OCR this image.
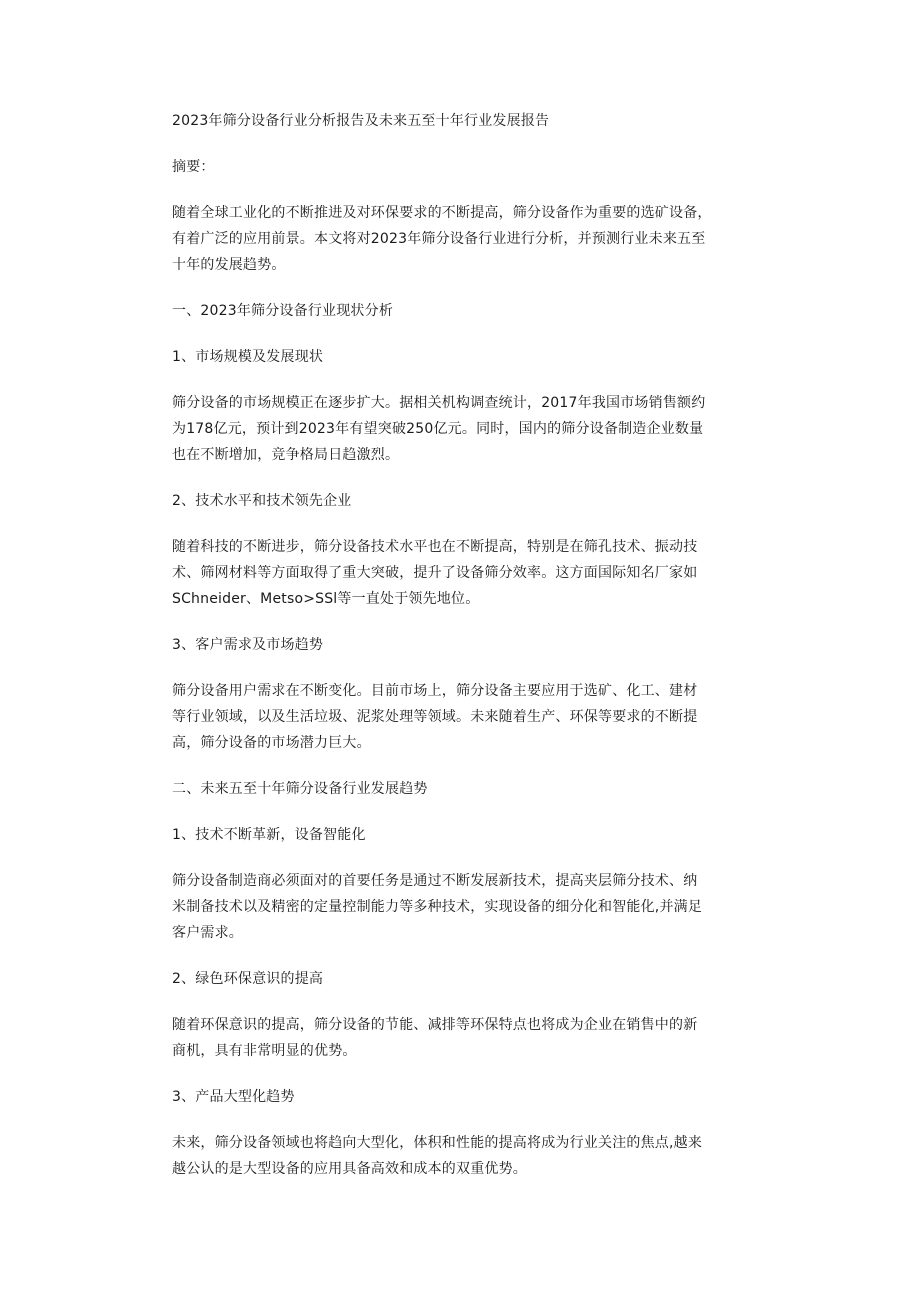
2023年筛分设备行业分析报告及未来五至十年行业发展报告
摘要：
随着全球工业化的不断推进及对环保要求的不断提高，筛分设备作为重要的选矿设备，
有着广泛的应用前景。本文将对2023年筛分设备行业进行分析，并预测行业未来五至
十年的发展趋势。
一、2023年筛分设备行业现状分析
1、市场规模及发展现状
筛分设备的市场规模正在逐步扩大。据相关机构调查统计，2017年我国市场销售额约
为178亿元，预计到2023年有望突破250亿元。同时，国内的筛分设备制造企业数量
也在不断增加，竞争格局日趋激烈。
2、技术水平和技术领先企业
随着科技的不断进步，筛分设备技术水平也在不断提高，特别是在筛孔技术、振动技
术、筛网材料等方面取得了重大突破，提升了设备筛分效率。这方面国际知名厂家如
SChneider、Metso>SSl等一直处于领先地位。
3、客户需求及市场趋势
筛分设备用户需求在不断变化。目前市场上，筛分设备主要应用于选矿、化工、建材
等行业领域，以及生活垃圾、泥浆处理等领域。未来随着生产、环保等要求的不断提
高，筛分设备的市场潜力巨大。
二、未来五至十年筛分设备行业发展趋势
1、技术不断革新，设备智能化
筛分设备制造商必须面对的首要任务是通过不断发展新技术，提高夹层筛分技术、纳
米制备技术以及精密的定量控制能力等多种技术，实现设备的细分化和智能化,并满足
客户需求。
2、绿色环保意识的提高
随着环保意识的提高，筛分设备的节能、减排等环保特点也将成为企业在销售中的新
商机，具有非常明显的优势。
3、产品大型化趋势
未来，筛分设备领域也将趋向大型化，体积和性能的提高将成为行业关注的焦点,越来
越公认的是大型设备的应用具备高效和成本的双重优势。
